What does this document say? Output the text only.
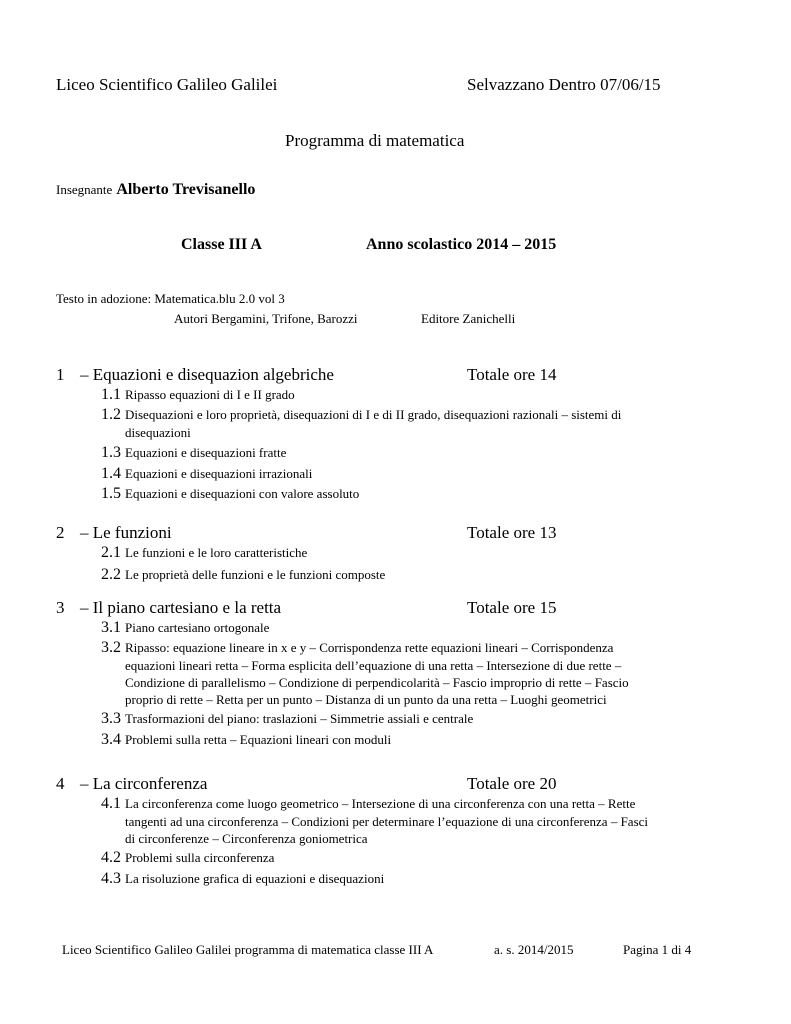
Liceo Scientifico Galileo Galilei	Selvazzano Dentro 07/06/15
Programma di matematica
Insegnante Alberto Trevisanello
Classe III A	Anno scolastico 2014 – 2015
Testo in adozione: Matematica.blu 2.0 vol 3
Autori Bergamini, Trifone, Barozzi	Editore Zanichelli
1 – Equazioni e disequazion algebriche	Totale ore 14
1.1 Ripasso equazioni di I e II grado
1.2 Disequazioni e loro proprietà, disequazioni di I e di II grado, disequazioni razionali – sistemi di
disequazioni
1.3 Equazioni e disequazioni fratte
1.4 Equazioni e disequazioni irrazionali
1.5 Equazioni e disequazioni con valore assoluto
2 – Le funzioni	Totale ore 13
2.1 Le funzioni e le loro caratteristiche
2.2 Le proprietà delle funzioni e le funzioni composte
3 – Il piano cartesiano e la retta	Totale ore 15
3.1 Piano cartesiano ortogonale
3.2 Ripasso: equazione lineare in x e y – Corrispondenza rette equazioni lineari – Corrispondenza
equazioni lineari retta – Forma esplicita dell’equazione di una retta – Intersezione di due rette –
Condizione di parallelismo – Condizione di perpendicolarità – Fascio improprio di rette – Fascio
proprio di rette – Retta per un punto – Distanza di un punto da una retta – Luoghi geometrici
3.3 Trasformazioni del piano: traslazioni – Simmetrie assiali e centrale
3.4 Problemi sulla retta – Equazioni lineari con moduli
4 – La circonferenza	Totale ore 20
4.1 La circonferenza come luogo geometrico – Intersezione di una circonferenza con una retta – Rette
tangenti ad una circonferenza – Condizioni per determinare l’equazione di una circonferenza – Fasci
di circonferenze – Circonferenza goniometrica
4.2 Problemi sulla circonferenza
4.3 La risoluzione grafica di equazioni e disequazioni
Liceo Scientifico Galileo Galilei programma di matematica classe III A	a. s. 2014/2015	Pagina 1 di 4
